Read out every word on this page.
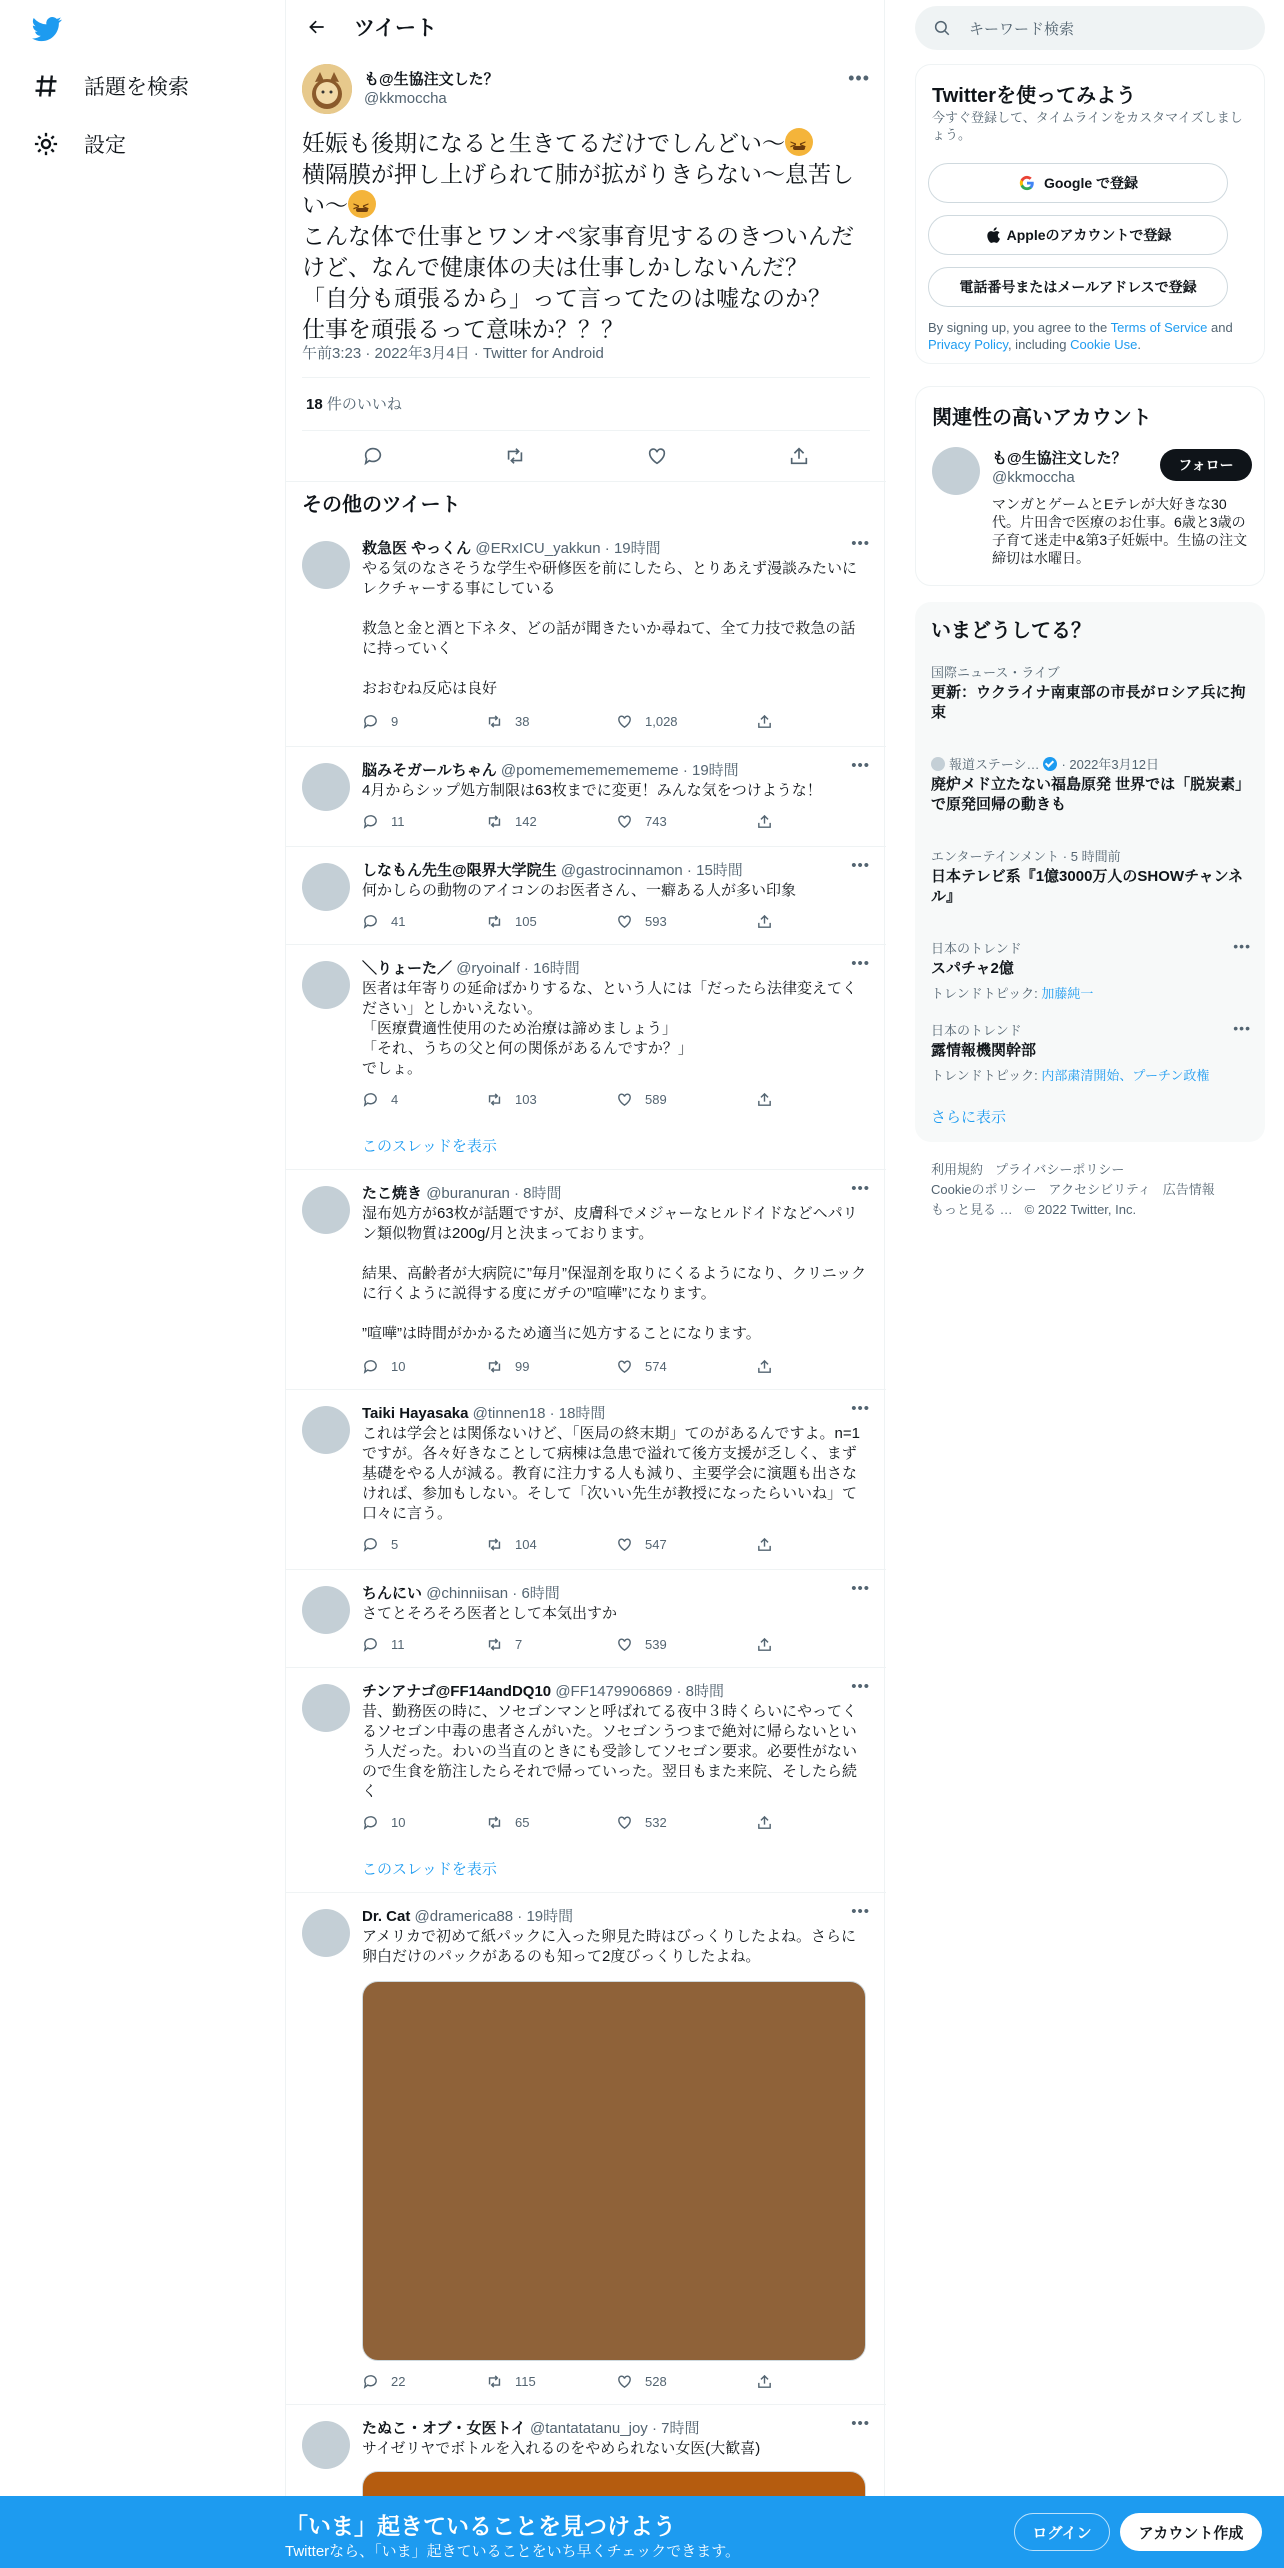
話題を検索
設定
ツイート
も@生協注文した？
@kkmoccha
•••
妊娠も後期になると生きてるだけでしんどい～>  <
横隔膜が押し上げられて肺が拡がりきらない～息苦しい～>  <
こんな体で仕事とワンオペ家事育児するのきついんだけど、なんで健康体の夫は仕事しかしないんだ？
「自分も頑張るから」って言ってたのは嘘なのか？
仕事を頑張るって意味か？？？
午前3:23 · 2022年3月4日 · Twitter for Android
18 件のいいね
その他のツイート
救急医 やっくん @ERxICU_yakkun · 19時間	•••
やる気のなさそうな学生や研修医を前にしたら、とりあえず漫談みたいにレクチャーする事にしている

救急と金と酒と下ネタ、どの話が聞きたいか尋ねて、全て力技で救急の話に持っていく

おおむね反応は良好
9	38	1,028
脳みそガールちゃん @pomememememememe · 19時間	•••
4月からシップ処方制限は63枚までに変更！みんな気をつけような！
11	142	743
しなもん先生@限界大学院生 @gastrocinnamon · 15時間	•••
何かしらの動物のアイコンのお医者さん、一癖ある人が多い印象
41	105	593
＼りょーた／ @ryoinalf · 16時間	•••
医者は年寄りの延命ばかりするな、という人には「だったら法律変えてください」としかいえない。
「医療費適性使用のため治療は諦めましょう」
「それ、うちの父と何の関係があるんですか？」
でしょ。
4	103	589
このスレッドを表示
たこ焼き @buranuran · 8時間	•••
湿布処方が63枚が話題ですが、皮膚科でメジャーなヒルドイドなどヘパリン類似物質は200g/月と決まっております。

結果、高齢者が大病院に”毎月”保湿剤を取りにくるようになり、クリニックに行くように説得する度にガチの”喧嘩”になります。

”喧嘩”は時間がかかるため適当に処方することになります。
10	99	574
Taiki Hayasaka @tinnen18 · 18時間	•••
これは学会とは関係ないけど、「医局の終末期」てのがあるんですよ。n=1ですが。各々好きなことして病棟は急患で溢れて後方支援が乏しく、まず基礎をやる人が減る。教育に注力する人も減り、主要学会に演題も出さなければ、参加もしない。そして「次いい先生が教授になったらいいね」て口々に言う。
5	104	547
ちんにい @chinniisan · 6時間	•••
さてとそろそろ医者として本気出すか
11	7	539
チンアナゴ@FF14andDQ10 @FF1479906869 · 8時間	•••
昔、勤務医の時に、ソセゴンマンと呼ばれてる夜中３時くらいにやってくるソセゴン中毒の患者さんがいた。ソセゴンうつまで絶対に帰らないという人だった。わいの当直のときにも受診してソセゴン要求。必要性がないので生食を筋注したらそれで帰っていった。翌日もまた来院、そしたら続く
10	65	532
このスレッドを表示
Dr. Cat @dramerica88 · 19時間	•••
アメリカで初めて紙パックに入った卵見た時はびっくりしたよね。さらに卵白だけのパックがあるのも知って2度びっくりしたよね。
22	115	528
たぬこ・オブ・女医トイ @tantatatanu_joy · 7時間	•••
サイゼリヤでボトルを入れるのをやめられない女医(大歓喜)
キーワード検索
Twitterを使ってみよう
今すぐ登録して、タイムラインをカスタマイズしましょう。
Google で登録
Appleのアカウントで登録
電話番号またはメールアドレスで登録
By signing up, you agree to the Terms of Service and Privacy Policy, including Cookie Use.
関連性の高いアカウント
も@生協注文した？
@kkmoccha
フォロー
マンガとゲームとEテレが大好きな30代。片田舎で医療のお仕事。6歳と3歳の子育て迷走中&第3子妊娠中。生協の注文締切は水曜日。
いまどうしてる？
国際ニュース・ライブ
更新：ウクライナ南東部の市長がロシア兵に拘束
報道ステーシ… · 2022年3月12日
廃炉メド立たない福島原発 世界では「脱炭素」で原発回帰の動きも
エンターテインメント · 5 時間前
日本テレビ系『1億3000万人のSHOWチャンネル』
日本のトレンド	•••
スパチャ2億
トレンドトピック: 加藤純一
日本のトレンド	•••
露情報機関幹部
トレンドトピック: 内部粛清開始、プーチン政権
さらに表示
利用規約 プライバシーポリシー
Cookieのポリシー アクセシビリティ 広告情報
もっと見る … © 2022 Twitter, Inc.
「いま」起きていることを見つけよう
Twitterなら、「いま」起きていることをいち早くチェックできます。
ログイン	アカウント作成
